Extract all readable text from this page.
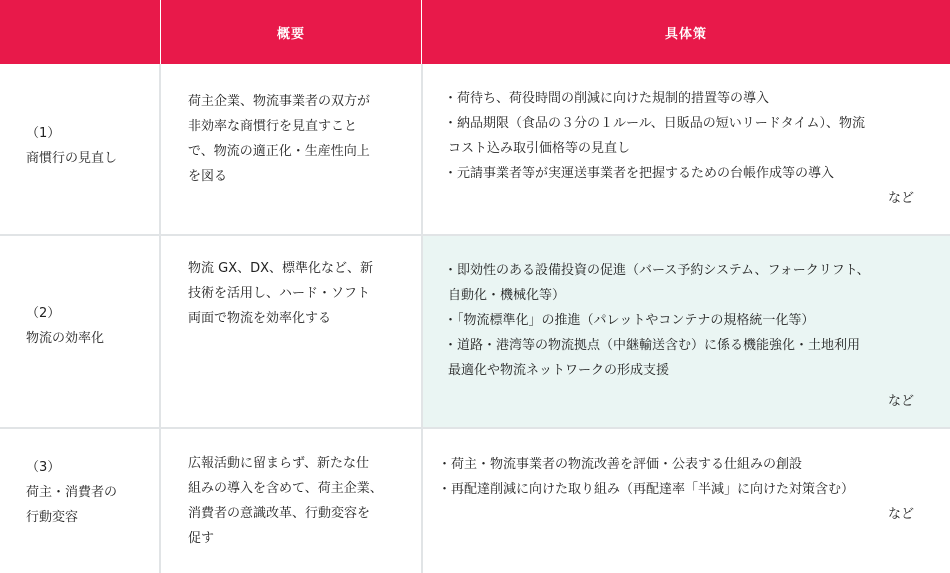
概要	具体策
（1）
商慣行の見直し
荷主企業、物流事業者の双方が
非効率な商慣行を見直すこと
で、物流の適正化・生産性向上
を図る
・荷待ち、荷役時間の削減に向けた規制的措置等の導入
・納品期限（食品の３分の１ルール、日販品の短いリードタイム）、物流
コスト込み取引価格等の見直し
・元請事業者等が実運送事業者を把握するための台帳作成等の導入
など
（2）
物流の効率化
物流 GX、DX、標準化など、新
技術を活用し、ハード・ソフト
両面で物流を効率化する
・即効性のある設備投資の促進（バース予約システム、フォークリフト、
自動化・機械化等）
・「物流標準化」の推進（パレットやコンテナの規格統一化等）
・道路・港湾等の物流拠点（中継輸送含む）に係る機能強化・土地利用
最適化や物流ネットワークの形成支援
など
（3）
荷主・消費者の
行動変容
広報活動に留まらず、新たな仕
組みの導入を含めて、荷主企業、
消費者の意識改革、行動変容を
促す
・荷主・物流事業者の物流改善を評価・公表する仕組みの創設
・再配達削減に向けた取り組み（再配達率「半減」に向けた対策含む）
など
